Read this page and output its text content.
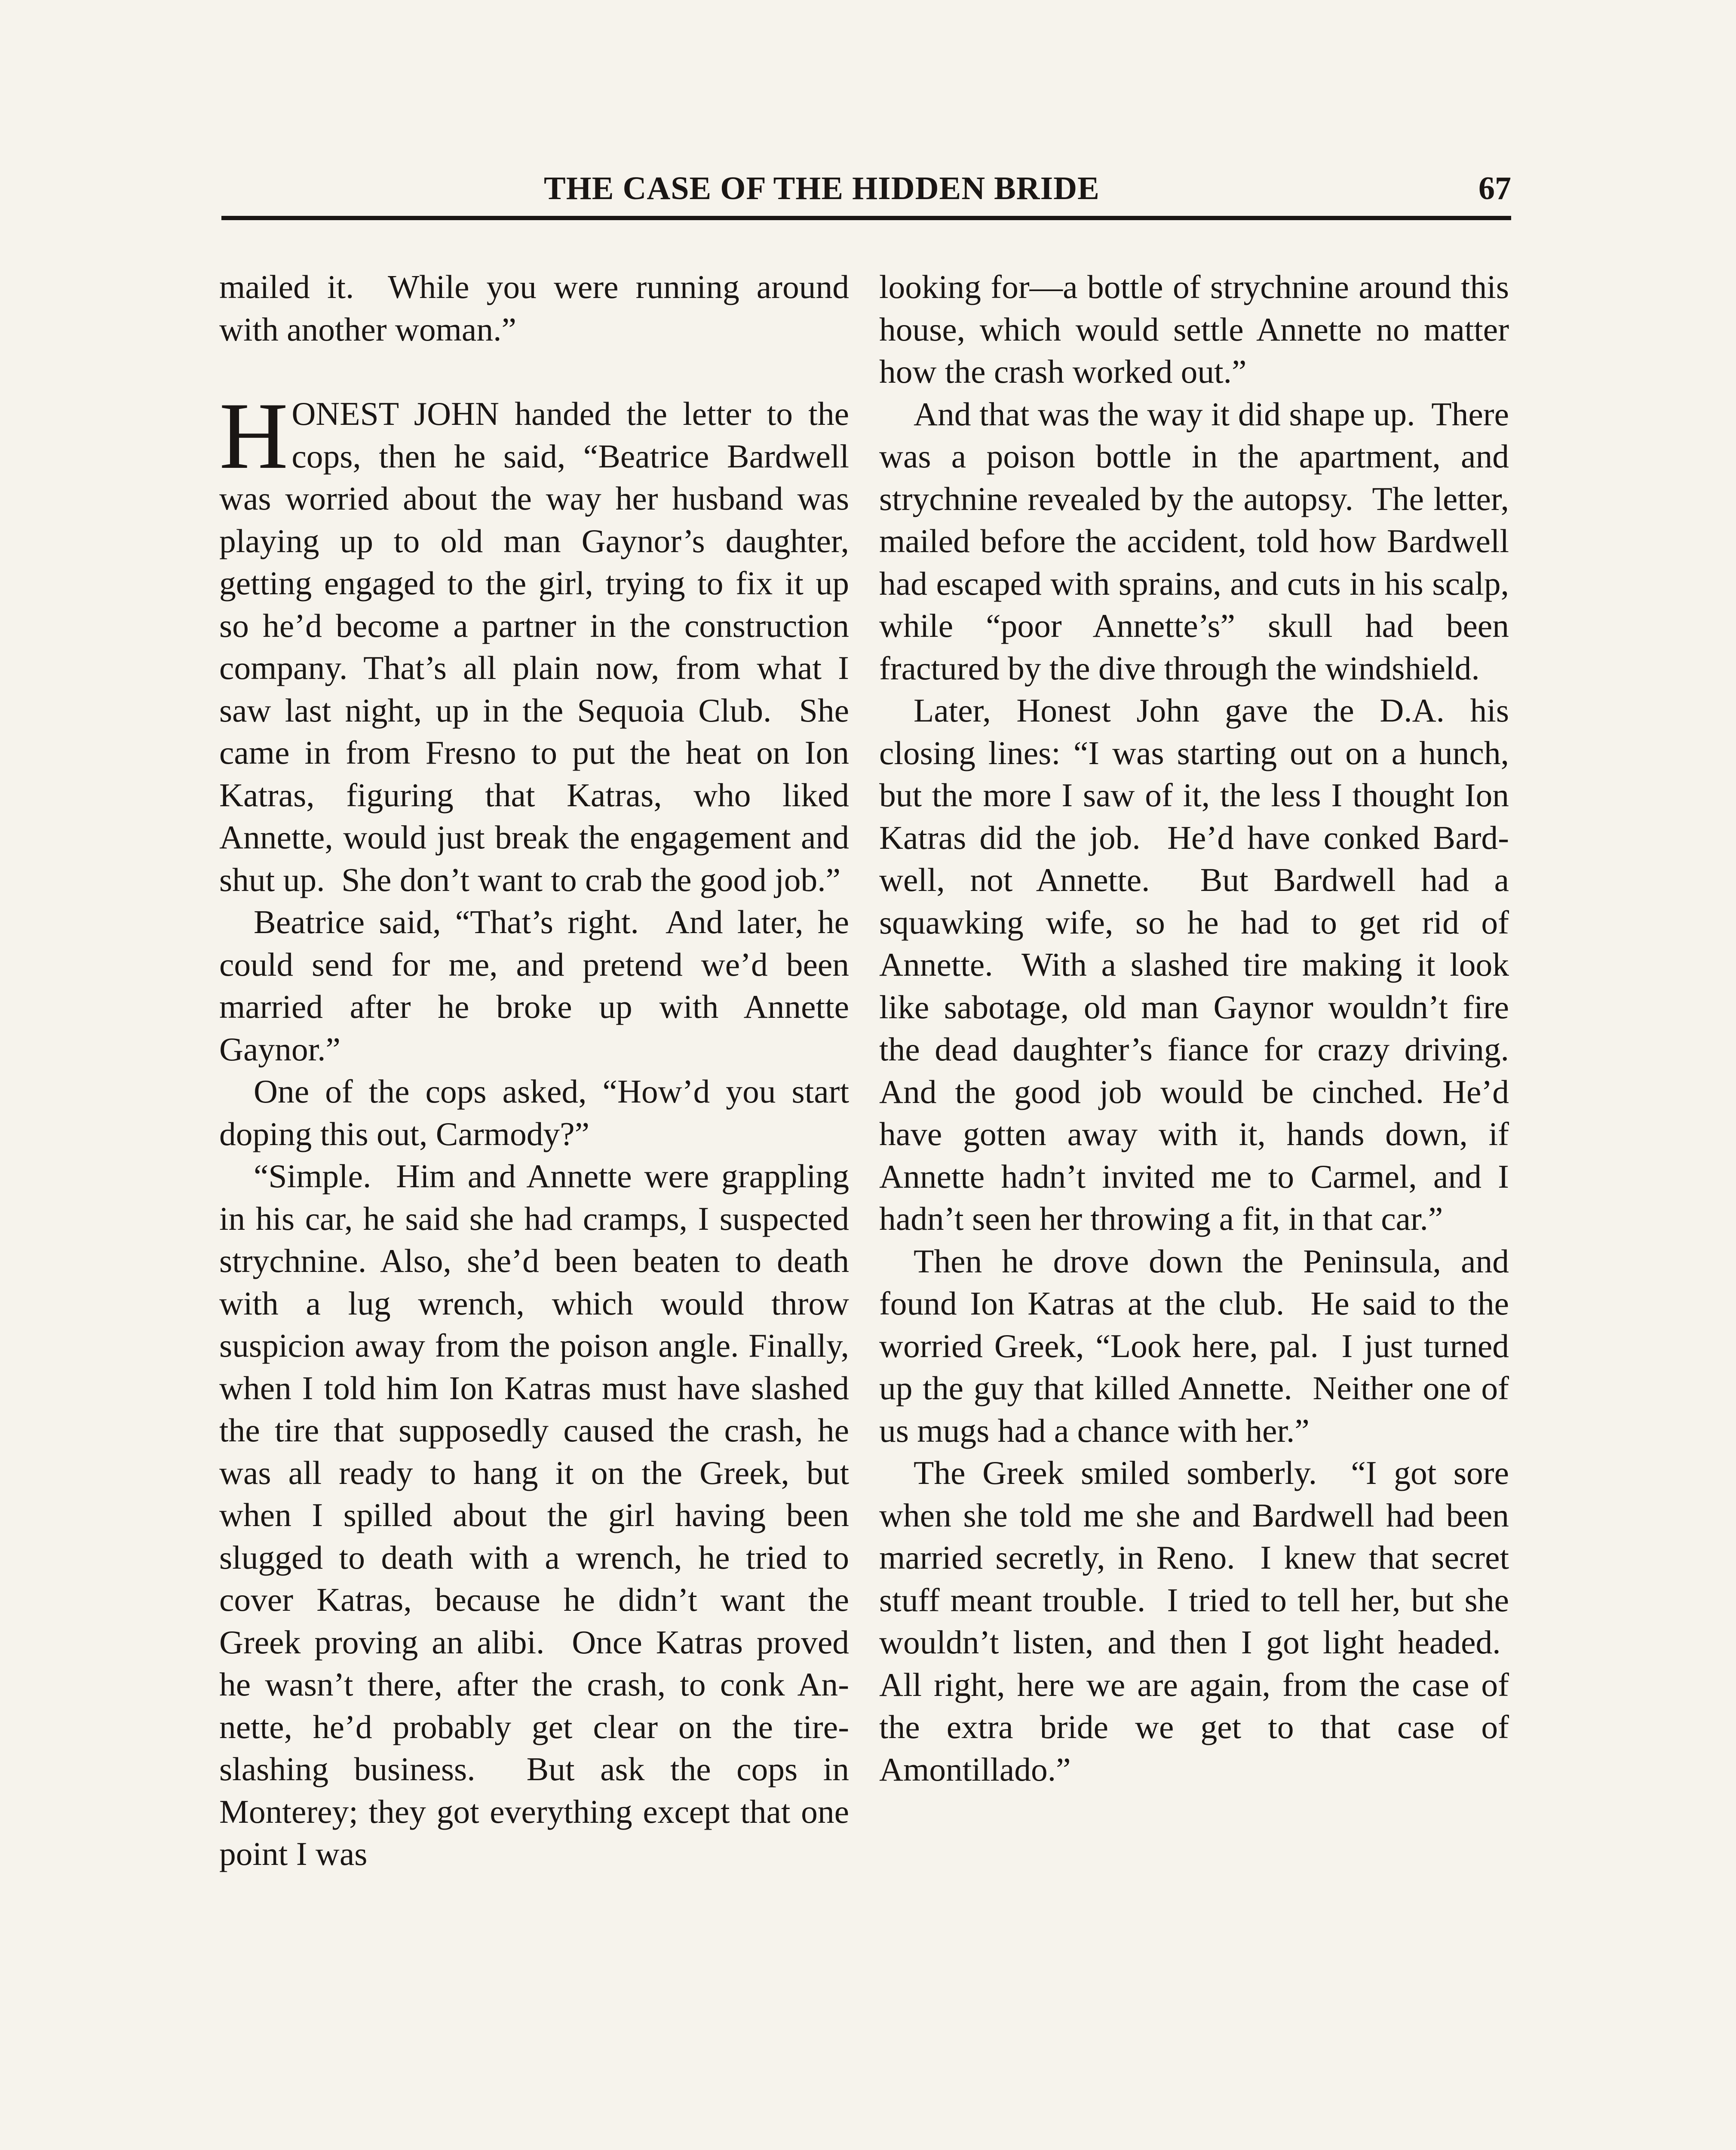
THE CASE OF THE HIDDEN BRIDE	67

mailed it.  While you were running around with another woman.”

HONEST JOHN handed the letter to the cops, then he said, “Beatrice Bardwell was worried about the way her husband was playing up to old man Gaynor’s daughter, getting engaged to the girl, trying to fix it up so he’d become a partner in the construction company. That’s all plain now, from what I saw last night, up in the Sequoia Club.  She came in from Fresno to put the heat on Ion Katras, figuring that Katras, who liked Annette, would just break the engagement and shut up.  She don’t want to crab the good job.”

Beatrice said, “That’s right.  And later, he could send for me, and pretend we’d been married after he broke up with Annette Gaynor.”

One of the cops asked, “How’d you start doping this out, Carmody?”

“Simple.  Him and Annette were grappling in his car, he said she had cramps, I suspected strychnine. Also, she’d been beaten to death with a lug wrench, which would throw suspicion away from the poison angle. Finally, when I told him Ion Katras must have slashed the tire that supposedly caused the crash, he was all ready to hang it on the Greek, but when I spilled about the girl having been slugged to death with a wrench, he tried to cover Katras, because he didn’t want the Greek proving an alibi.  Once Katras proved he wasn’t there, after the crash, to conk Annette, he’d probably get clear on the tire-slashing business.  But ask the cops in Monterey; they got everything except that one point I was

looking for—a bottle of strychnine around this house, which would settle Annette no matter how the crash worked out.”

And that was the way it did shape up.  There was a poison bottle in the apartment, and strychnine revealed by the autopsy.  The letter, mailed before the accident, told how Bardwell had escaped with sprains, and cuts in his scalp, while “poor Annette’s” skull had been fractured by the dive through the windshield.

Later, Honest John gave the D.A. his closing lines: “I was starting out on a hunch, but the more I saw of it, the less I thought Ion Katras did the job.  He’d have conked Bardwell, not Annette.  But Bardwell had a squawking wife, so he had to get rid of Annette.  With a slashed tire making it look like sabotage, old man Gaynor wouldn’t fire the dead daughter’s fiance for crazy driving. And the good job would be cinched. He’d have gotten away with it, hands down, if Annette hadn’t invited me to Carmel, and I hadn’t seen her throwing a fit, in that car.”

Then he drove down the Peninsula, and found Ion Katras at the club.  He said to the worried Greek, “Look here, pal.  I just turned up the guy that killed Annette.  Neither one of us mugs had a chance with her.”

The Greek smiled somberly.  “I got sore when she told me she and Bardwell had been married secretly, in Reno.  I knew that secret stuff meant trouble.  I tried to tell her, but she wouldn’t listen, and then I got light headed.  All right, here we are again, from the case of the extra bride we get to that case of Amontillado.”
